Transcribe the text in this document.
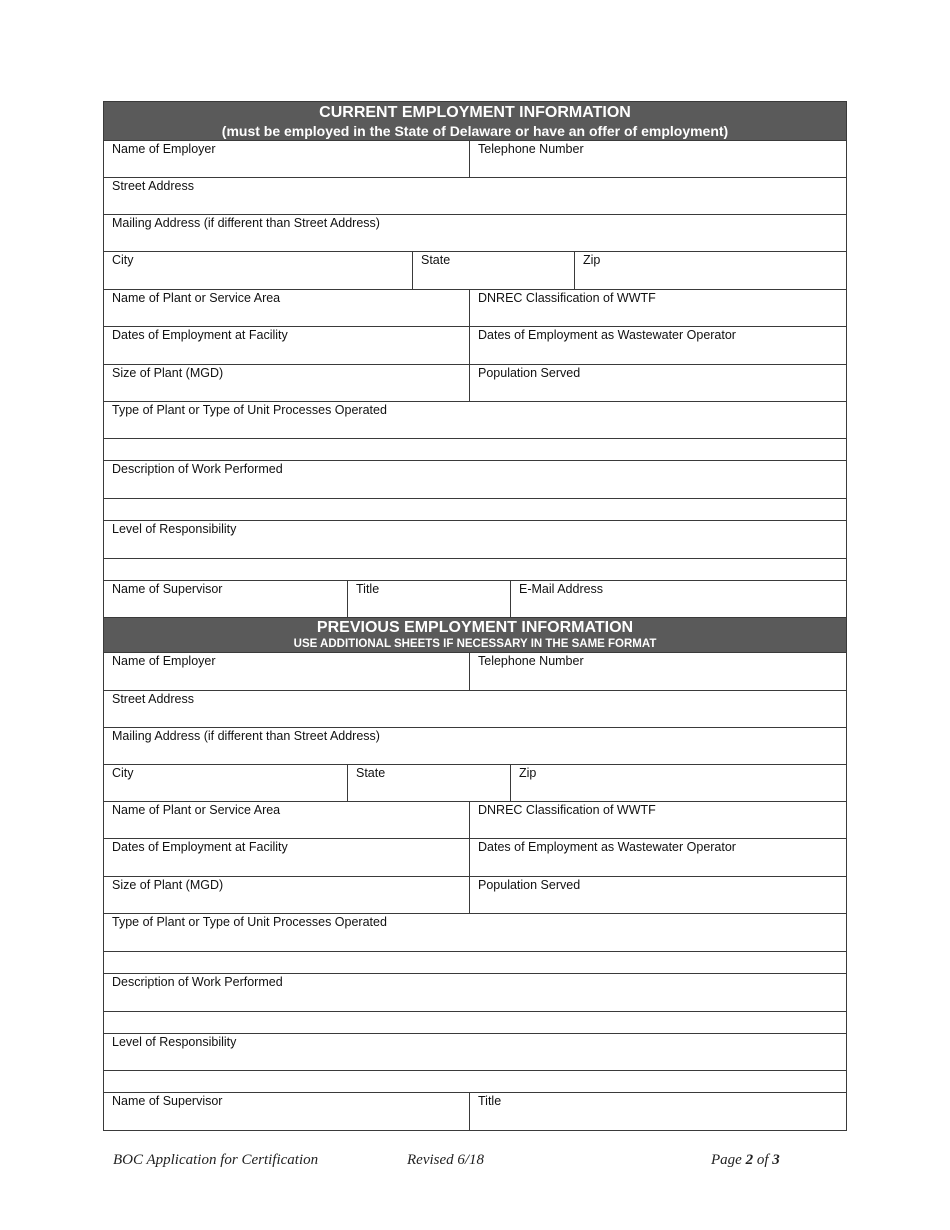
CURRENT EMPLOYMENT INFORMATION
(must be employed in the State of Delaware or have an offer of employment)
Name of Employer	Telephone Number
Street Address
Mailing Address (if different than Street Address)
City	State	Zip
Name of Plant or Service Area	DNREC Classification of WWTF
Dates of Employment at Facility	Dates of Employment as Wastewater Operator
Size of Plant (MGD)	Population Served
Type of Plant or Type of Unit Processes Operated
Description of Work Performed
Level of Responsibility
Name of Supervisor	Title	E-Mail Address
PREVIOUS EMPLOYMENT INFORMATION
USE ADDITIONAL SHEETS IF NECESSARY IN THE SAME FORMAT
Name of Employer	Telephone Number
Street Address
Mailing Address (if different than Street Address)
City	State	Zip
Name of Plant or Service Area	DNREC Classification of WWTF
Dates of Employment at Facility	Dates of Employment as Wastewater Operator
Size of Plant (MGD)	Population Served
Type of Plant or Type of Unit Processes Operated
Description of Work Performed
Level of Responsibility
Name of Supervisor	Title
BOC Application for Certification	Revised 6/18	Page 2 of 3
